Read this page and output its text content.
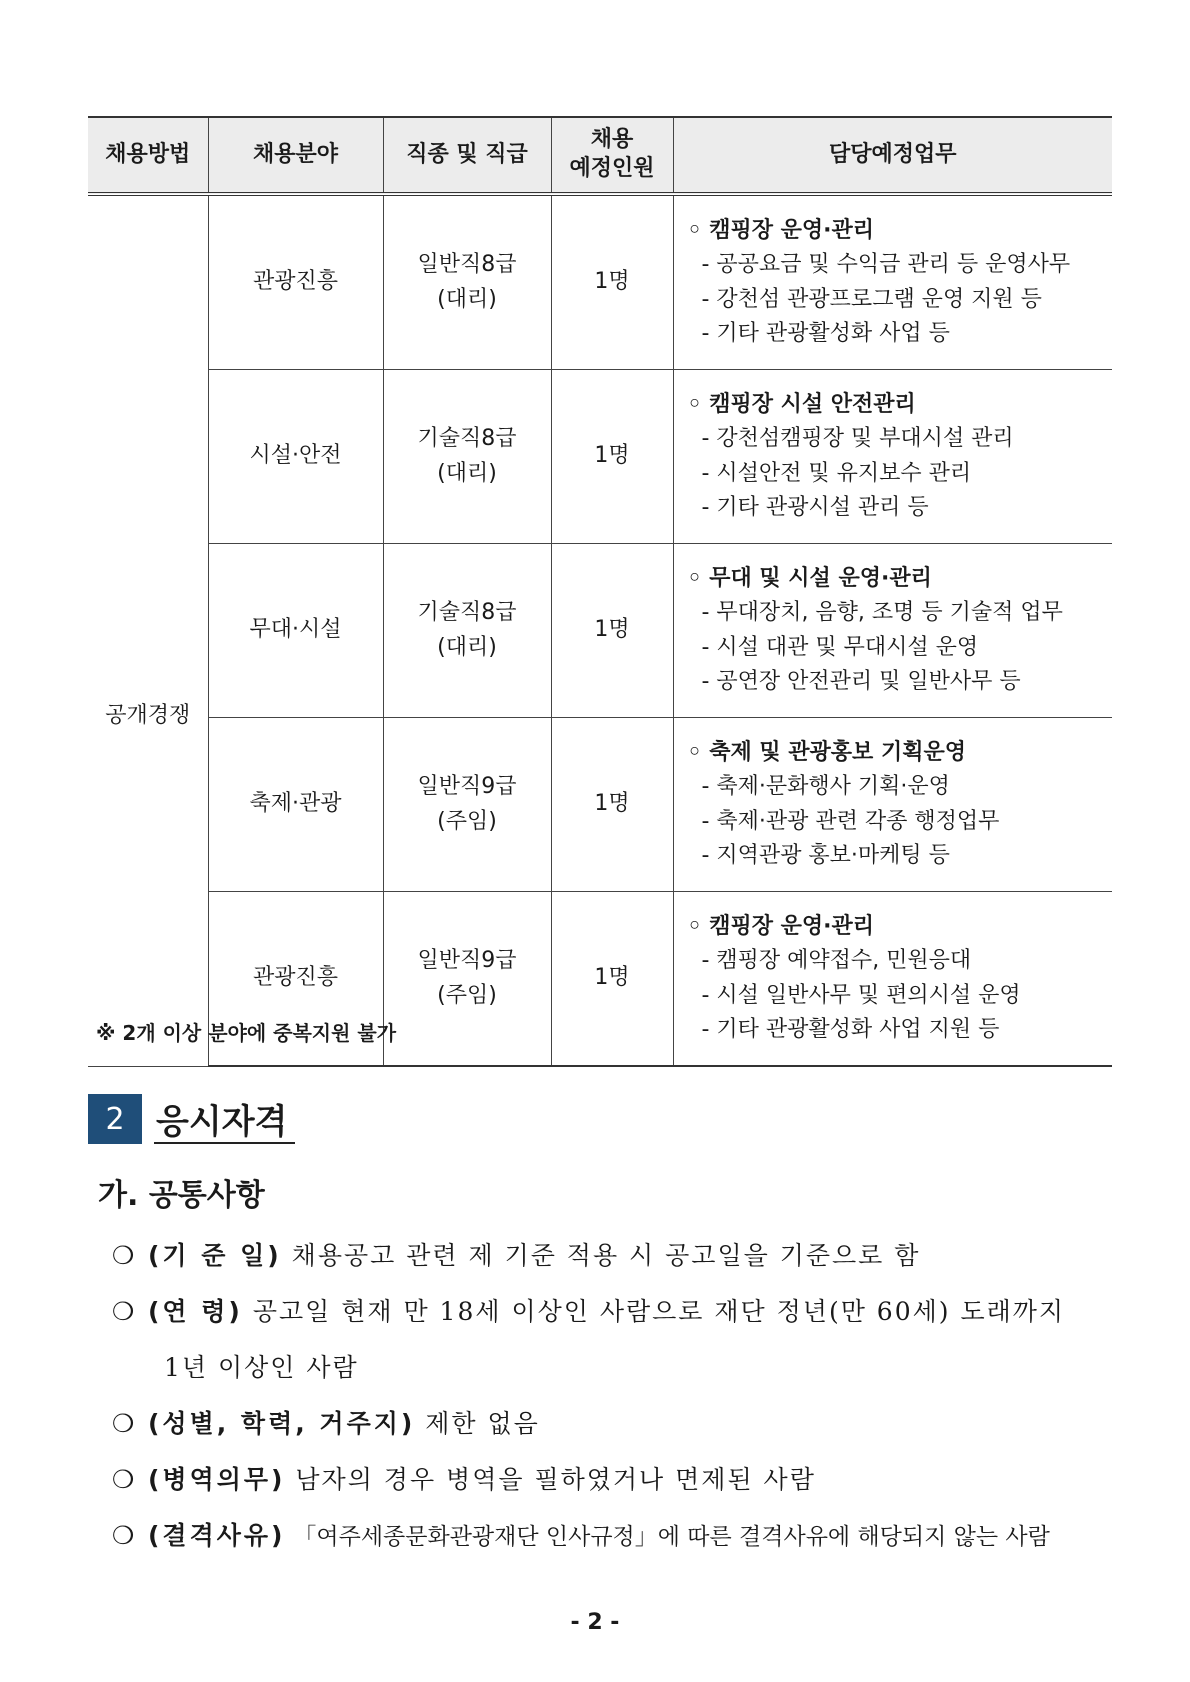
채용방법	채용분야	직종 및 직급	채용
예정인원	담당예정업무
공개경쟁	관광진흥	일반직8급
(대리)	1명	◦ 캠핑장 운영·관리
- 공공요금 및 수익금 관리 등 운영사무
- 강천섬 관광프로그램 운영 지원 등
- 기타 관광활성화 사업 등

	시설·안전	기술직8급
(대리)	1명	◦ 캠핑장 시설 안전관리
- 강천섬캠핑장 및 부대시설 관리
- 시설안전 및 유지보수 관리
- 기타 관광시설 관리 등

	무대·시설	기술직8급
(대리)	1명	◦ 무대 및 시설 운영·관리
- 무대장치, 음향, 조명 등 기술적 업무
- 시설 대관 및 무대시설 운영
- 공연장 안전관리 및 일반사무 등

	축제·관광	일반직9급
(주임)	1명	◦ 축제 및 관광홍보 기획운영
- 축제·문화행사 기획·운영
- 축제·관광 관련 각종 행정업무
- 지역관광 홍보·마케팅 등

	관광진흥	일반직9급
(주임)	1명	◦ 캠핑장 운영·관리
- 캠핑장 예약접수, 민원응대
- 시설 일반사무 및 편의시설 운영
- 기타 관광활성화 사업 지원 등
※ 2개 이상 분야에 중복지원 불가
2 응시자격
가. 공통사항
❍ (기 준 일) 채용공고 관련 제 기준 적용 시 공고일을 기준으로 함
❍ (연 령) 공고일 현재 만 18세 이상인 사람으로 재단 정년(만 60세) 도래까지
1년 이상인 사람
❍ (성별, 학력, 거주지) 제한 없음
❍ (병역의무) 남자의 경우 병역을 필하였거나 면제된 사람
❍ (결격사유) 「여주세종문화관광재단 인사규정」에 따른 결격사유에 해당되지 않는 사람
- 2 -
